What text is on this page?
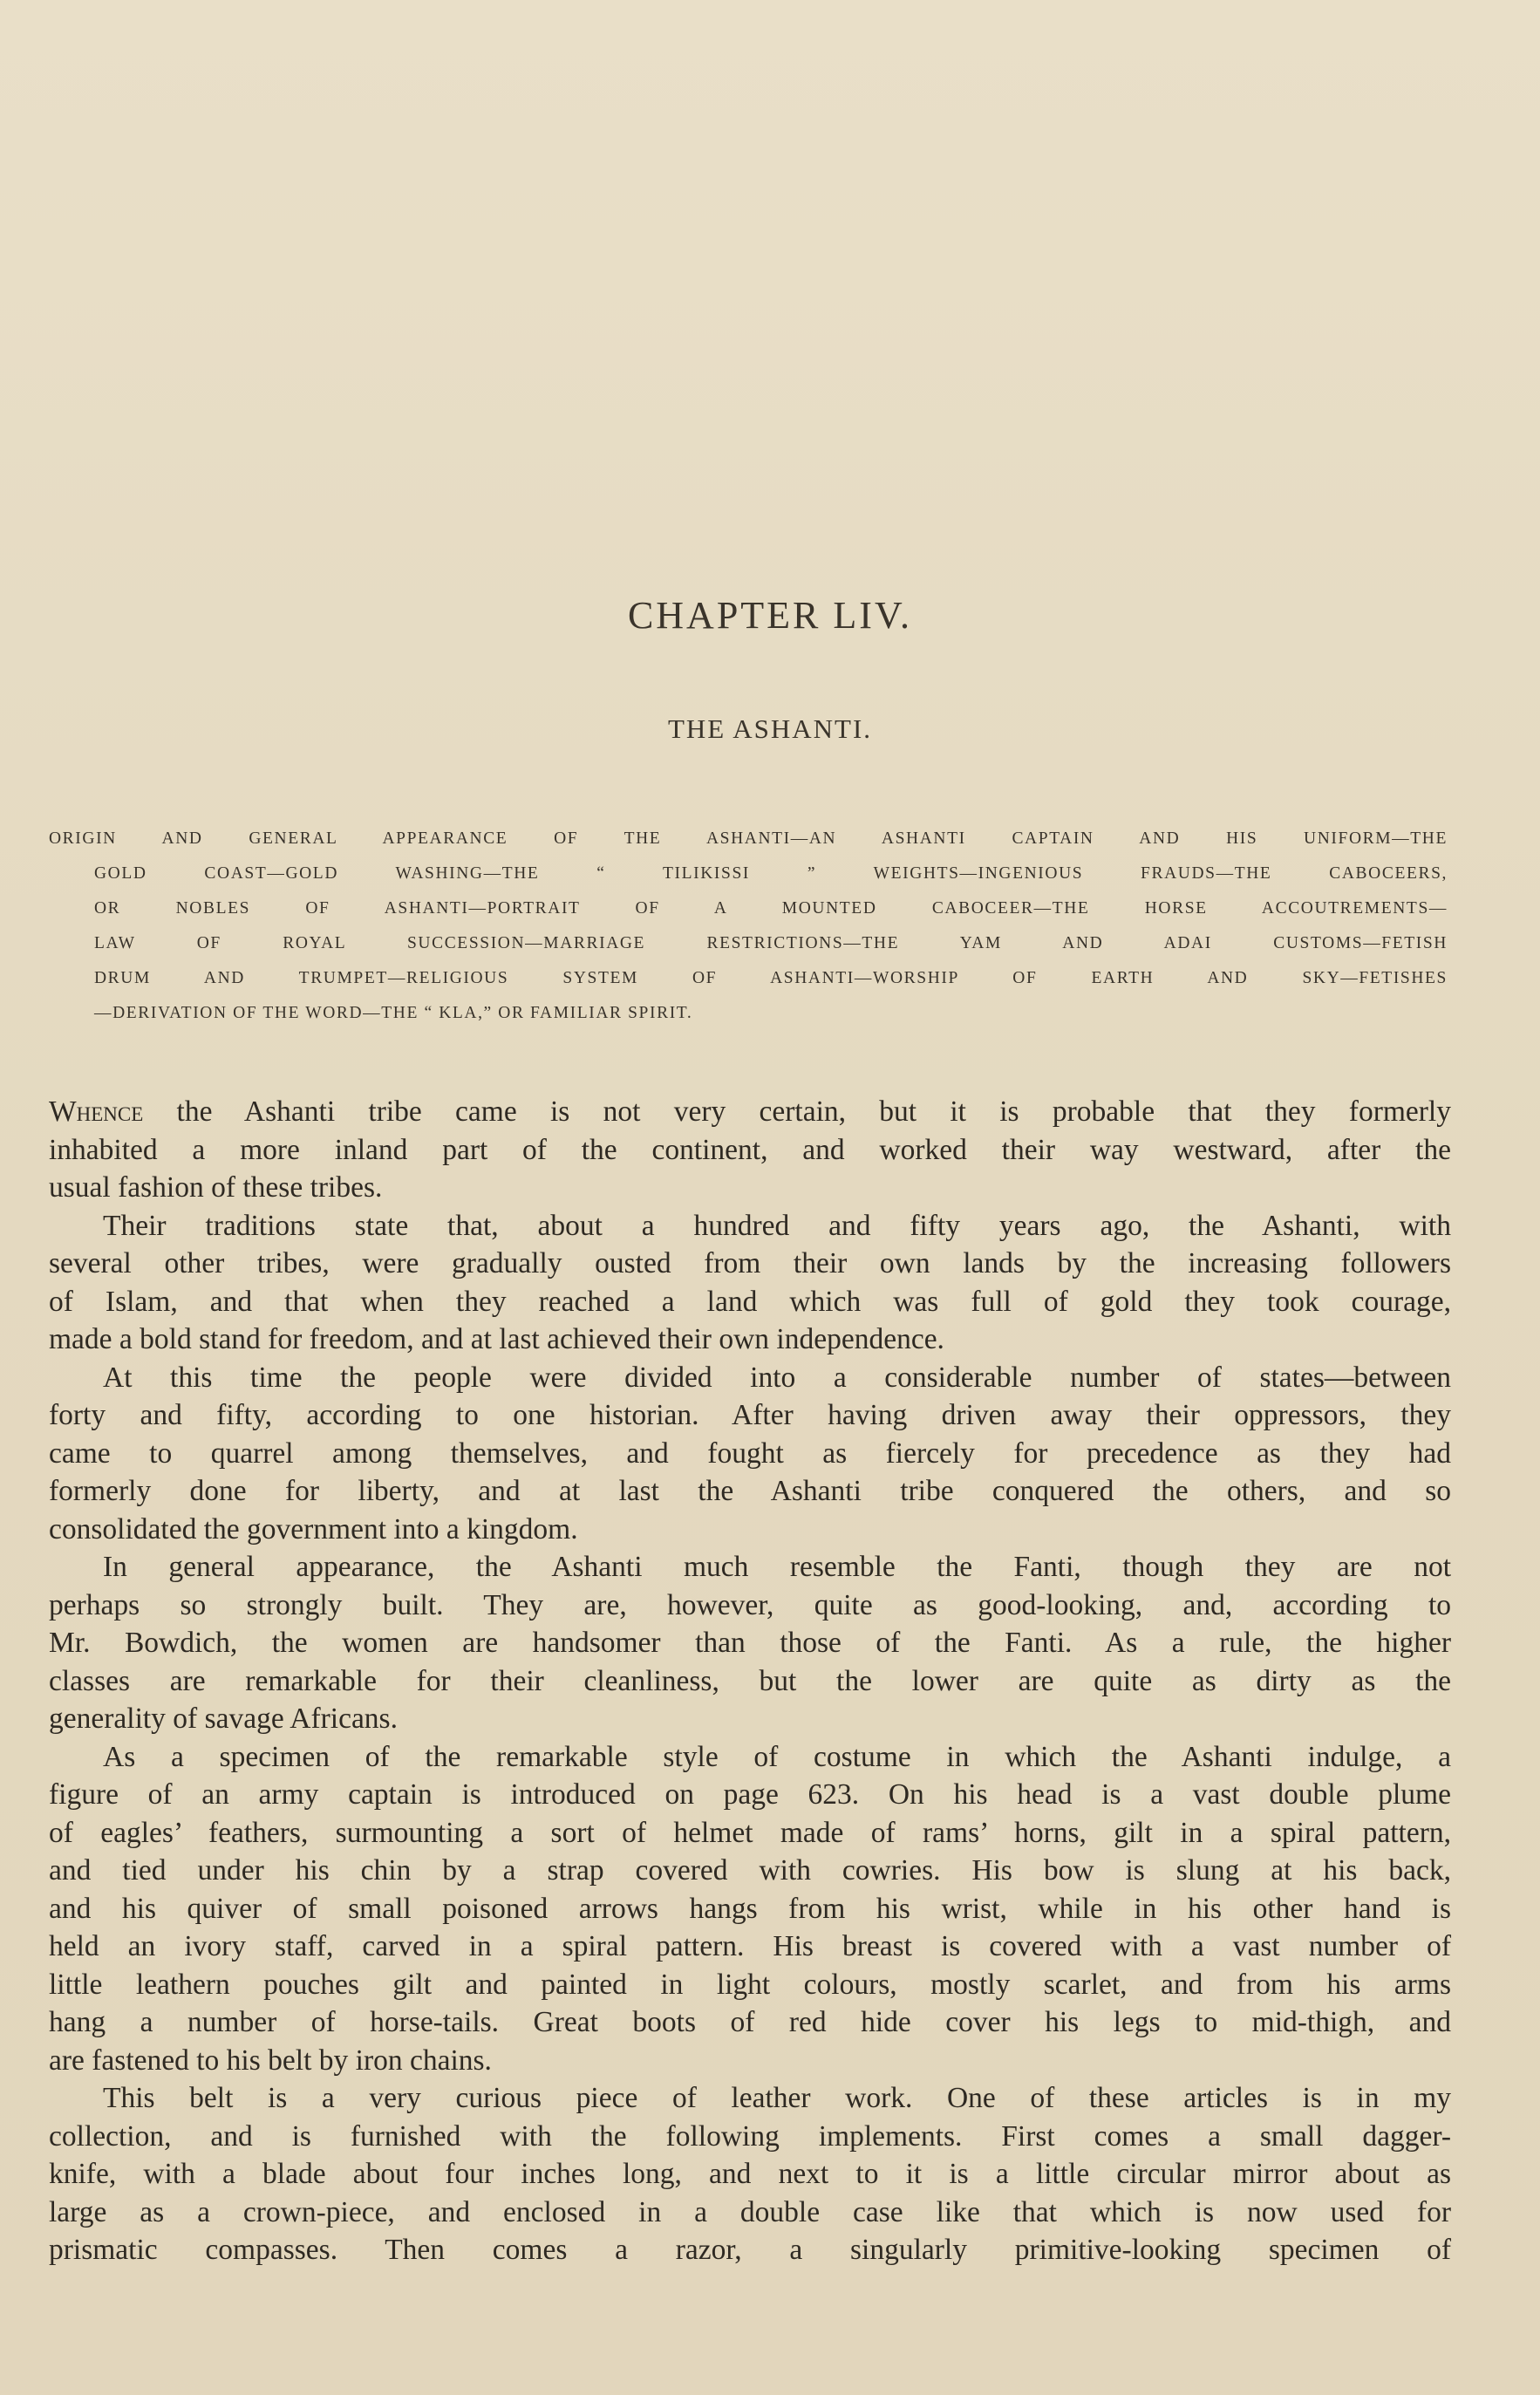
CHAPTER LIV.
THE ASHANTI.
ORIGIN AND GENERAL APPEARANCE OF THE ASHANTI—AN ASHANTI CAPTAIN AND HIS UNIFORM—THE
GOLD COAST—GOLD WASHING—THE “ TILIKISSI ” WEIGHTS—INGENIOUS FRAUDS—THE CABOCEERS,
OR NOBLES OF ASHANTI—PORTRAIT OF A MOUNTED CABOCEER—THE HORSE ACCOUTREMENTS—
LAW OF ROYAL SUCCESSION—MARRIAGE RESTRICTIONS—THE YAM AND ADAI CUSTOMS—FETISH
DRUM AND TRUMPET—RELIGIOUS SYSTEM OF ASHANTI—WORSHIP OF EARTH AND SKY—FETISHES
—DERIVATION OF THE WORD—THE “ KLA,” OR FAMILIAR SPIRIT.
Whence the Ashanti tribe came is not very certain, but it is probable that they formerly
inhabited a more inland part of the continent, and worked their way westward, after the
usual fashion of these tribes.
Their traditions state that, about a hundred and fifty years ago, the Ashanti, with
several other tribes, were gradually ousted from their own lands by the increasing followers
of Islam, and that when they reached a land which was full of gold they took courage,
made a bold stand for freedom, and at last achieved their own independence.
At this time the people were divided into a considerable number of states—between
forty and fifty, according to one historian. After having driven away their oppressors, they
came to quarrel among themselves, and fought as fiercely for precedence as they had
formerly done for liberty, and at last the Ashanti tribe conquered the others, and so
consolidated the government into a kingdom.
In general appearance, the Ashanti much resemble the Fanti, though they are not
perhaps so strongly built. They are, however, quite as good-looking, and, according to
Mr. Bowdich, the women are handsomer than those of the Fanti. As a rule, the higher
classes are remarkable for their cleanliness, but the lower are quite as dirty as the
generality of savage Africans.
As a specimen of the remarkable style of costume in which the Ashanti indulge, a
figure of an army captain is introduced on page 623. On his head is a vast double plume
of eagles’ feathers, surmounting a sort of helmet made of rams’ horns, gilt in a spiral pattern,
and tied under his chin by a strap covered with cowries. His bow is slung at his back,
and his quiver of small poisoned arrows hangs from his wrist, while in his other hand is
held an ivory staff, carved in a spiral pattern. His breast is covered with a vast number of
little leathern pouches gilt and painted in light colours, mostly scarlet, and from his arms
hang a number of horse-tails. Great boots of red hide cover his legs to mid-thigh, and
are fastened to his belt by iron chains.
This belt is a very curious piece of leather work. One of these articles is in my
collection, and is furnished with the following implements. First comes a small dagger-
knife, with a blade about four inches long, and next to it is a little circular mirror about as
large as a crown-piece, and enclosed in a double case like that which is now used for
prismatic compasses. Then comes a razor, a singularly primitive-looking specimen of
